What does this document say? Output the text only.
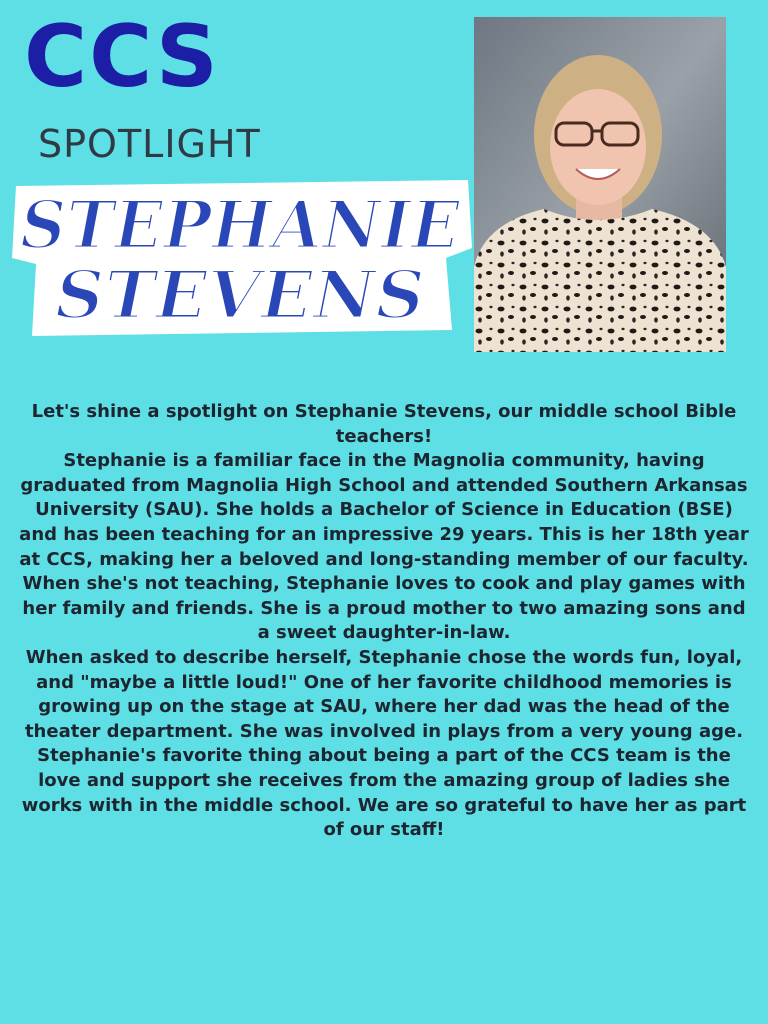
CCS
SPOTLIGHT
STEPHANIE
STEVENS

Let's shine a spotlight on Stephanie Stevens, our middle school Bible teachers!

Stephanie is a familiar face in the Magnolia community, having graduated from Magnolia High School and attended Southern Arkansas University (SAU). She holds a Bachelor of Science in Education (BSE) and has been teaching for an impressive 29 years. This is her 18th year at CCS, making her a beloved and long-standing member of our faculty.

When she's not teaching, Stephanie loves to cook and play games with her family and friends. She is a proud mother to two amazing sons and a sweet daughter-in-law.

When asked to describe herself, Stephanie chose the words fun, loyal, and "maybe a little loud!" One of her favorite childhood memories is growing up on the stage at SAU, where her dad was the head of the theater department. She was involved in plays from a very young age.

Stephanie's favorite thing about being a part of the CCS team is the love and support she receives from the amazing group of ladies she works with in the middle school. We are so grateful to have her as part of our staff!
